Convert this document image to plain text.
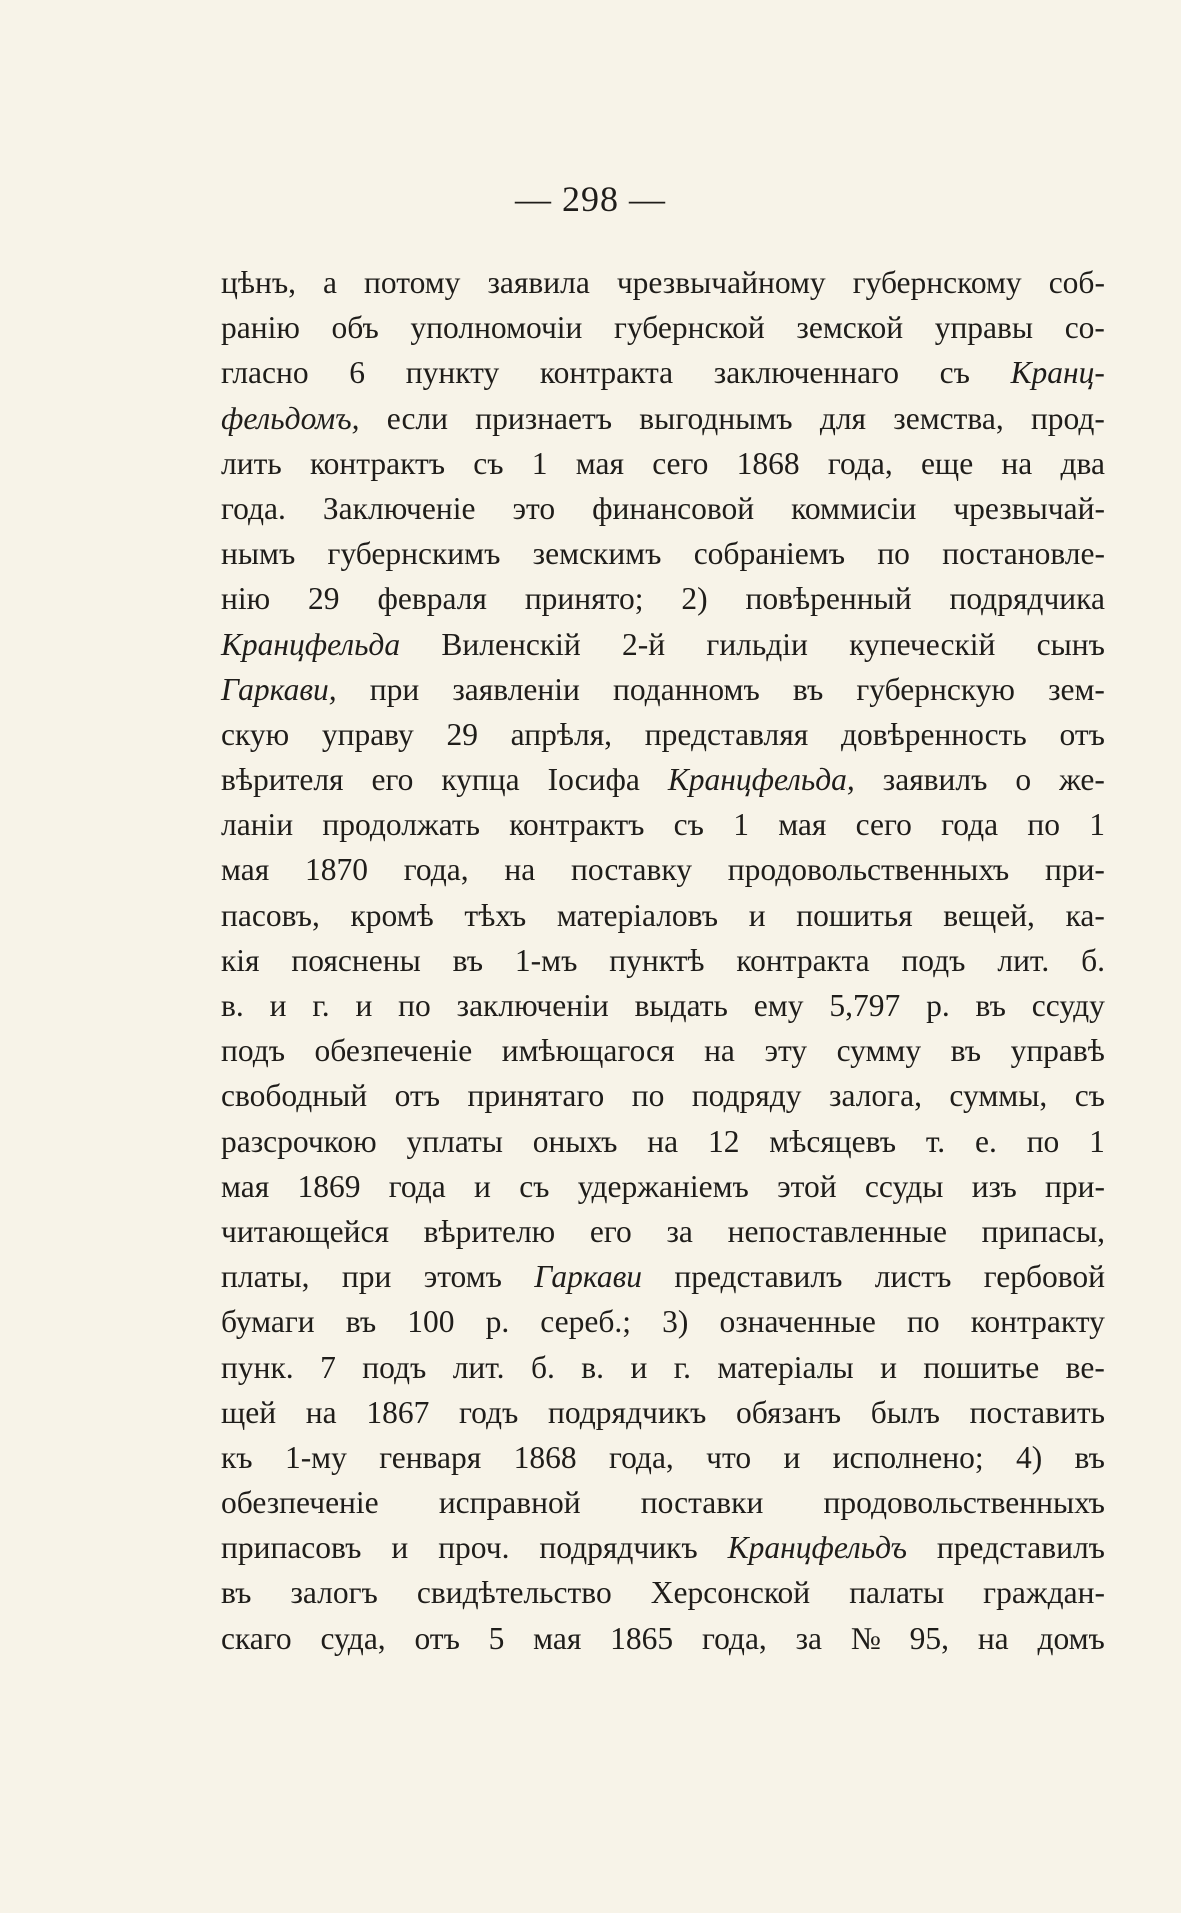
— 298 —
цѣнъ, а потому заявила чрезвычайному губернскому соб-
ранію объ уполномочіи губернской земской управы со-
гласно 6 пункту контракта заключеннаго съ Кранц-
фельдомъ, если признаетъ выгоднымъ для земства, прод-
лить контрактъ съ 1 мая сего 1868 года, еще на два
года. Заключеніе это финансовой коммисіи чрезвычай-
нымъ губернскимъ земскимъ собраніемъ по постановле-
нію 29 февраля принято; 2) повѣренный подрядчика
Кранцфельда Виленскій 2-й гильдіи купеческій сынъ
Гаркави, при заявленіи поданномъ въ губернскую зем-
скую управу 29 апрѣля, представляя довѣренность отъ
вѣрителя его купца Іосифа Кранцфельда, заявилъ о же-
ланіи продолжать контрактъ съ 1 мая сего года по 1
мая 1870 года, на поставку продовольственныхъ при-
пасовъ, кромѣ тѣхъ матеріаловъ и пошитья вещей, ка-
кія пояснены въ 1-мъ пунктѣ контракта подъ лит. б.
в. и г. и по заключеніи выдать ему 5,797 р. въ ссуду
подъ обезпеченіе имѣющагося на эту сумму въ управѣ
свободный отъ принятаго по подряду залога, суммы, съ
разсрочкою уплаты оныхъ на 12 мѣсяцевъ т. е. по 1
мая 1869 года и съ удержаніемъ этой ссуды изъ при-
читающейся вѣрителю его за непоставленные припасы,
платы, при этомъ Гаркави представилъ листъ гербовой
бумаги въ 100 р. сереб.; 3) означенные по контракту
пунк. 7 подъ лит. б. в. и г. матеріалы и пошитье ве-
щей на 1867 годъ подрядчикъ обязанъ былъ поставить
къ 1-му генваря 1868 года, что и исполнено; 4) въ
обезпеченіе исправной поставки продовольственныхъ
припасовъ и проч. подрядчикъ Кранцфельдъ представилъ
въ залогъ свидѣтельство Херсонской палаты граждан-
скаго суда, отъ 5 мая 1865 года, за № 95, на домъ
